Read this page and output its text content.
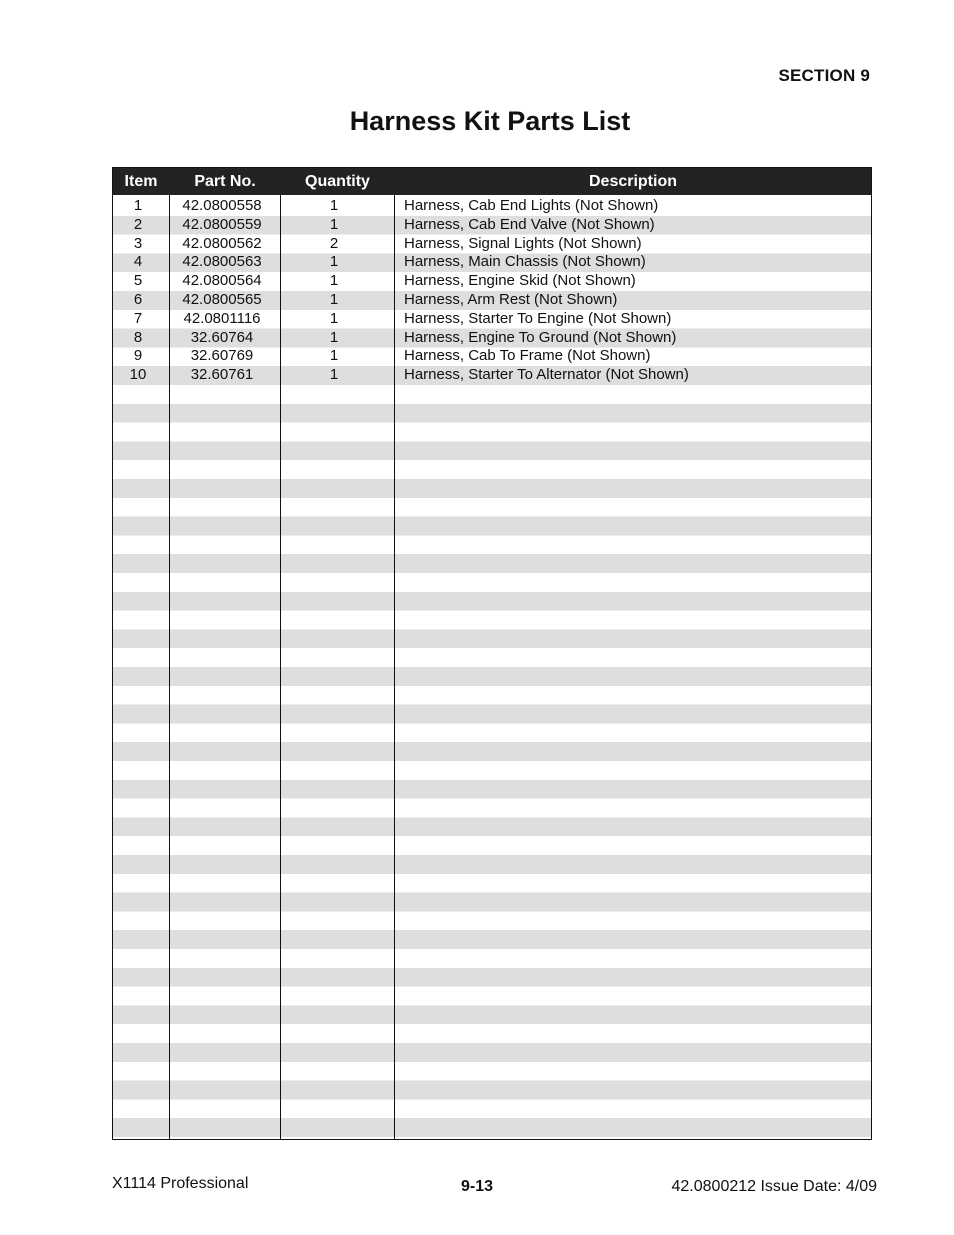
SECTION 9
Harness Kit Parts List
Item	Part No.	Quantity	Description
1	42.0800558	1	Harness, Cab End Lights (Not Shown)
2	42.0800559	1	Harness, Cab End Valve (Not Shown)
3	42.0800562	2	Harness, Signal Lights (Not Shown)
4	42.0800563	1	Harness, Main Chassis (Not Shown)
5	42.0800564	1	Harness, Engine Skid (Not Shown)
6	42.0800565	1	Harness, Arm Rest (Not Shown)
7	42.0801116	1	Harness, Starter To Engine (Not Shown)
8	32.60764	1	Harness, Engine To Ground (Not Shown)
9	32.60769	1	Harness, Cab To Frame (Not Shown)
10	32.60761	1	Harness, Starter To Alternator (Not Shown)
X1114 Professional	9-13	42.0800212 Issue Date: 4/09
